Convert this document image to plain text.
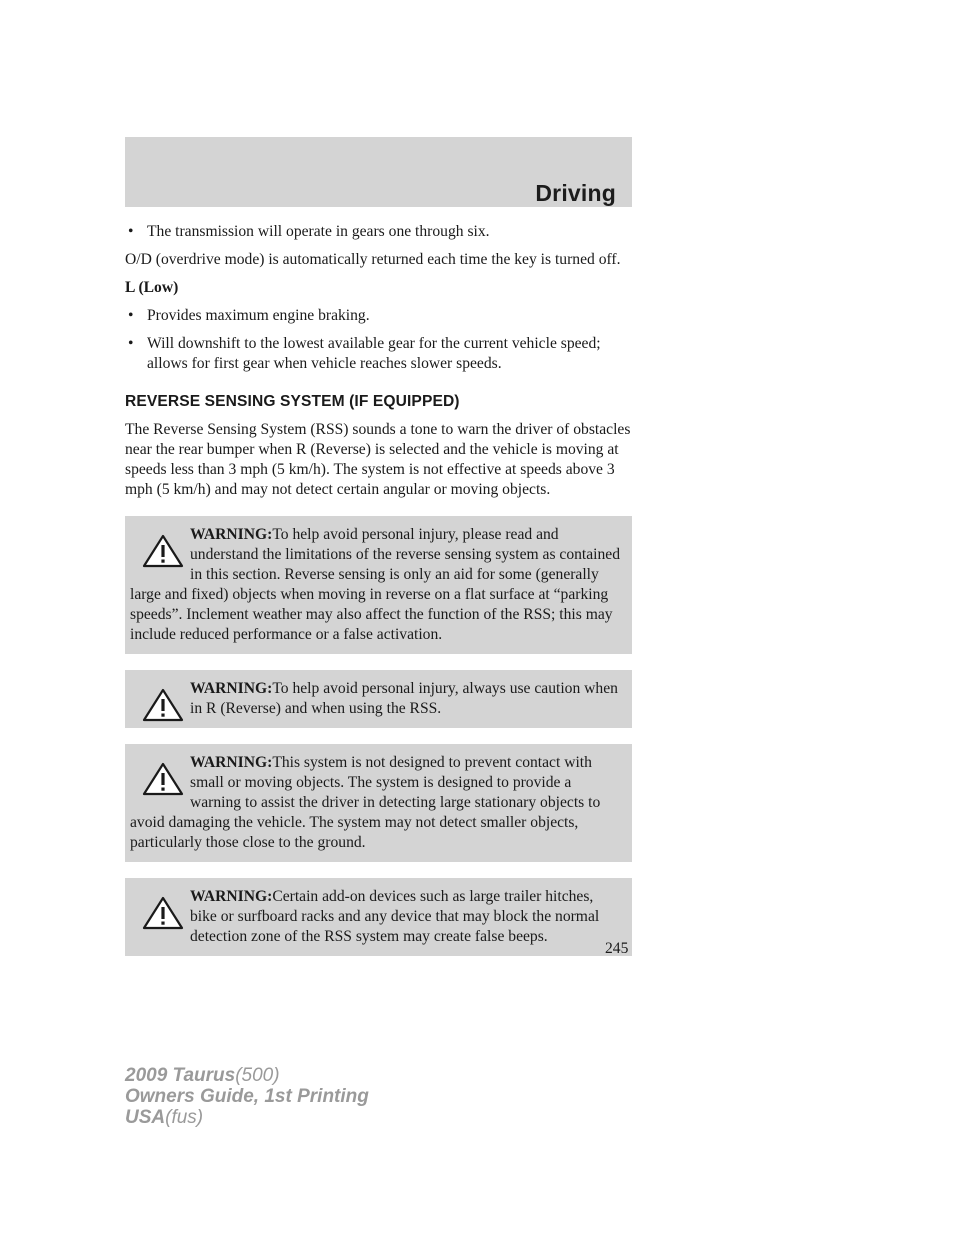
Driving
• The transmission will operate in gears one through six.

O/D (overdrive mode) is automatically returned each time the key is turned off.

L (Low)
• Provides maximum engine braking.
• Will downshift to the lowest available gear for the current vehicle speed; allows for first gear when vehicle reaches slower speeds.
REVERSE SENSING SYSTEM (IF EQUIPPED)

The Reverse Sensing System (RSS) sounds a tone to warn the driver of obstacles near the rear bumper when R (Reverse) is selected and the vehicle is moving at speeds less than 3 mph (5 km/h). The system is not effective at speeds above 3 mph (5 km/h) and may not detect certain angular or moving objects.

WARNING:To help avoid personal injury, please read and understand the limitations of the reverse sensing system as contained in this section. Reverse sensing is only an aid for some (generally large and fixed) objects when moving in reverse on a flat surface at “parking speeds”. Inclement weather may also affect the function of the RSS; this may include reduced performance or a false activation.

WARNING:To help avoid personal injury, always use caution when in R (Reverse) and when using the RSS.

WARNING:This system is not designed to prevent contact with small or moving objects. The system is designed to provide a warning to assist the driver in detecting large stationary objects to avoid damaging the vehicle. The system may not detect smaller objects, particularly those close to the ground.

WARNING:Certain add-on devices such as large trailer hitches, bike or surfboard racks and any device that may block the normal detection zone of the RSS system may create false beeps.

245
2009 Taurus(500)
Owners Guide, 1st Printing
USA(fus)
